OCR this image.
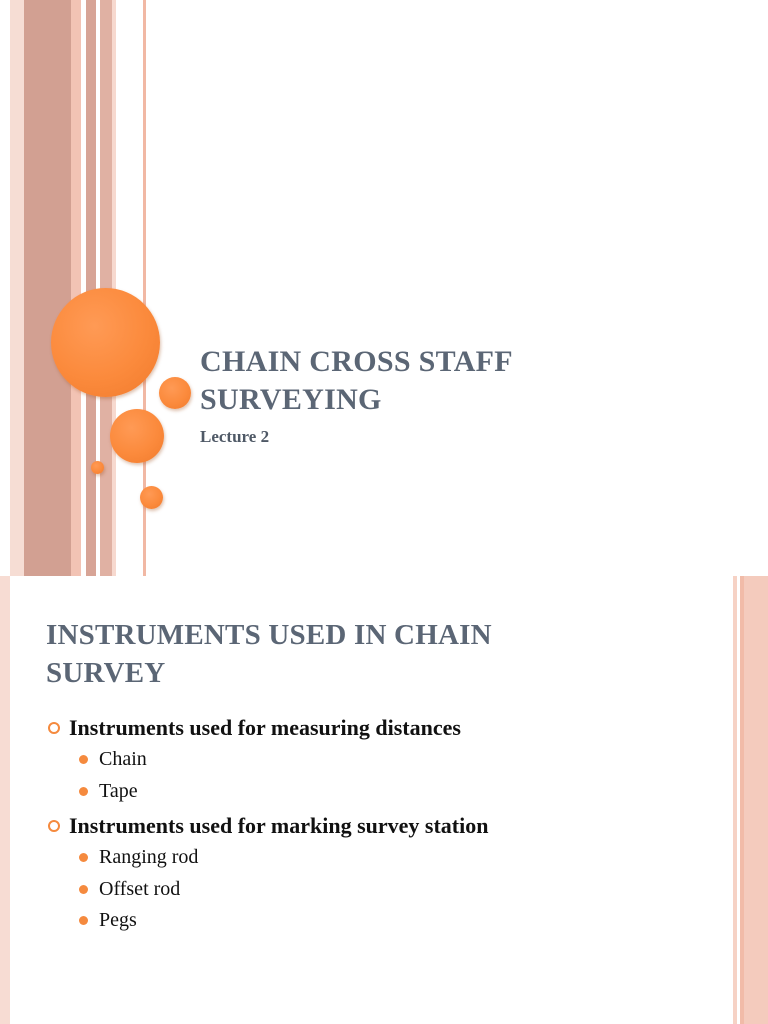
CHAIN CROSS STAFF
SURVEYING

Lecture 2

INSTRUMENTS USED IN CHAIN
SURVEY
Instruments used for measuring distances
Chain
Tape
Instruments used for marking survey station
Ranging rod
Offset rod
Pegs
